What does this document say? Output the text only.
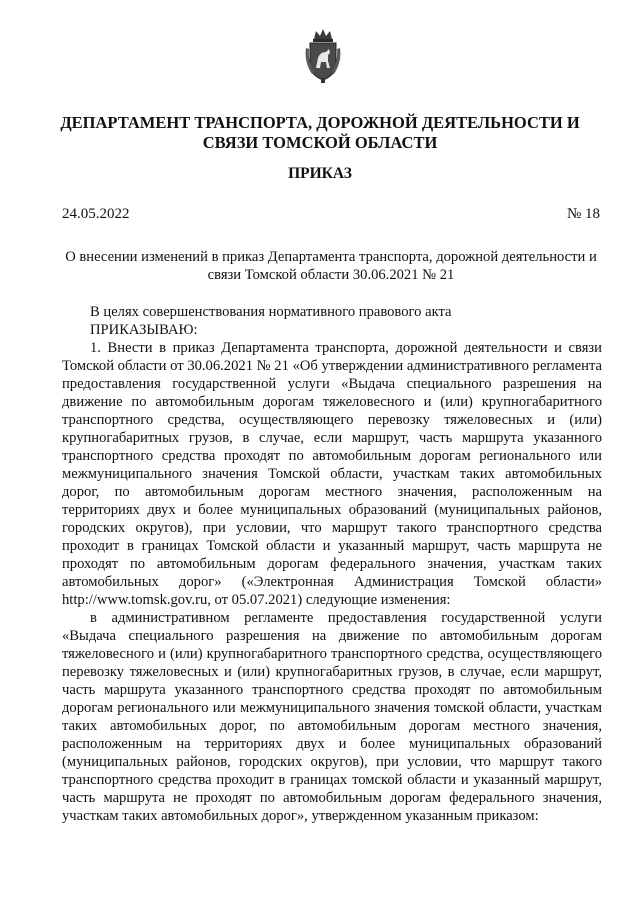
ДЕПАРТАМЕНТ ТРАНСПОРТА, ДОРОЖНОЙ ДЕЯТЕЛЬНОСТИ И СВЯЗИ ТОМСКОЙ ОБЛАСТИ
ПРИКАЗ
24.05.2022	№ 18
О внесении изменений в приказ Департамента транспорта, дорожной деятельности и связи Томской области 30.06.2021 № 21

В целях совершенствования нормативного правового акта

ПРИКАЗЫВАЮ:

1. Внести в приказ Департамента транспорта, дорожной деятельности и связи Томской области от 30.06.2021 № 21 «Об утверждении административного регламента предоставления государственной услуги «Выдача специального разрешения на движение по автомобильным дорогам тяжеловесного и (или) крупногабаритного транспортного средства, осуществляющего перевозку тяжеловесных и (или) крупногабаритных грузов, в случае, если маршрут, часть маршрута указанного транспортного средства проходят по автомобильным дорогам регионального или межмуниципального значения Томской области, участкам таких автомобильных дорог, по автомобильным дорогам местного значения, расположенным на территориях двух и более муниципальных образований (муниципальных районов, городских округов), при условии, что маршрут такого транспортного средства проходит в границах Томской области и указанный маршрут, часть маршрута не проходят по автомобильным дорогам федерального значения, участкам таких автомобильных дорог» («Электронная Администрация Томской области» http://www.tomsk.gov.ru, от 05.07.2021) следующие изменения:

в административном регламенте предоставления государственной услуги «Выдача специального разрешения на движение по автомобильным дорогам тяжеловесного и (или) крупногабаритного транспортного средства, осуществляющего перевозку тяжеловесных и (или) крупногабаритных грузов, в случае, если маршрут, часть маршрута указанного транспортного средства проходят по автомобильным дорогам регионального или межмуниципального значения томской области, участкам таких автомобильных дорог, по автомобильным дорогам местного значения, расположенным на территориях двух и более муниципальных образований (муниципальных районов, городских округов), при условии, что маршрут такого транспортного средства проходит в границах томской области и указанный маршрут, часть маршрута не проходят по автомобильным дорогам федерального значения, участкам таких автомобильных дорог», утвержденном указанным приказом:
